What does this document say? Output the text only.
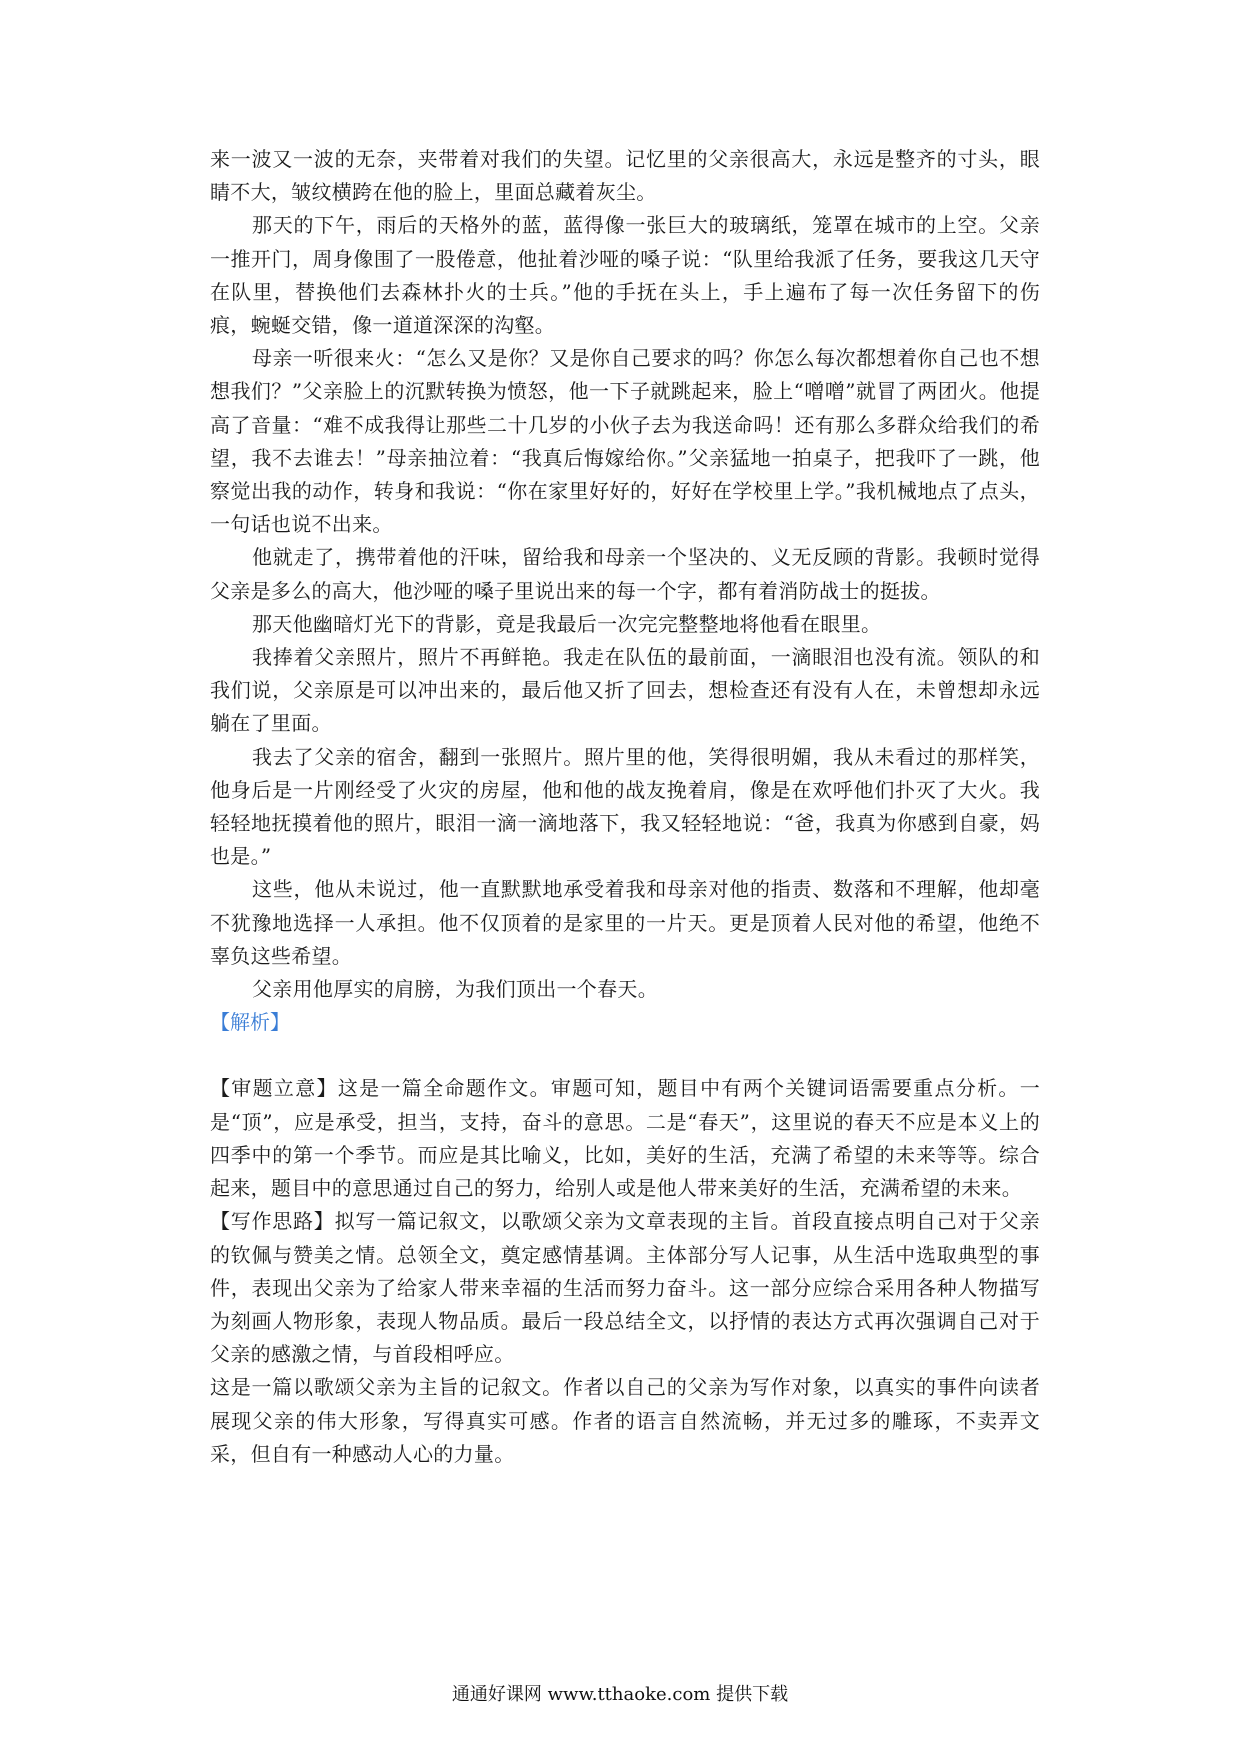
来一波又一波的无奈，夹带着对我们的失望。记忆里的父亲很高大，永远是整齐的寸头，眼睛不大，皱纹横跨在他的脸上，里面总藏着灰尘。

那天的下午，雨后的天格外的蓝，蓝得像一张巨大的玻璃纸，笼罩在城市的上空。父亲一推开门，周身像围了一股倦意，他扯着沙哑的嗓子说：“队里给我派了任务，要我这几天守在队里，替换他们去森林扑火的士兵。”他的手抚在头上，手上遍布了每一次任务留下的伤痕，蜿蜒交错，像一道道深深的沟壑。

母亲一听很来火：“怎么又是你？又是你自己要求的吗？你怎么每次都想着你自己也不想想我们？”父亲脸上的沉默转换为愤怒，他一下子就跳起来，脸上“噌噌”就冒了两团火。他提高了音量：“难不成我得让那些二十几岁的小伙子去为我送命吗！还有那么多群众给我们的希望，我不去谁去！”母亲抽泣着：“我真后悔嫁给你。”父亲猛地一拍桌子，把我吓了一跳，他察觉出我的动作，转身和我说：“你在家里好好的，好好在学校里上学。”我机械地点了点头，一句话也说不出来。

他就走了，携带着他的汗味，留给我和母亲一个坚决的、义无反顾的背影。我顿时觉得父亲是多么的高大，他沙哑的嗓子里说出来的每一个字，都有着消防战士的挺拔。

那天他幽暗灯光下的背影，竟是我最后一次完完整整地将他看在眼里。

我捧着父亲照片，照片不再鲜艳。我走在队伍的最前面，一滴眼泪也没有流。领队的和我们说，父亲原是可以冲出来的，最后他又折了回去，想检查还有没有人在，未曾想却永远躺在了里面。

我去了父亲的宿舍，翻到一张照片。照片里的他，笑得很明媚，我从未看过的那样笑，他身后是一片刚经受了火灾的房屋，他和他的战友挽着肩，像是在欢呼他们扑灭了大火。我轻轻地抚摸着他的照片，眼泪一滴一滴地落下，我又轻轻地说：“爸，我真为你感到自豪，妈也是。”

这些，他从未说过，他一直默默地承受着我和母亲对他的指责、数落和不理解，他却毫不犹豫地选择一人承担。他不仅顶着的是家里的一片天。更是顶着人民对他的希望，他绝不辜负这些希望。

父亲用他厚实的肩膀，为我们顶出一个春天。

【解析】

【审题立意】这是一篇全命题作文。审题可知，题目中有两个关键词语需要重点分析。一是“顶”，应是承受，担当，支持，奋斗的意思。二是“春天”，这里说的春天不应是本义上的四季中的第一个季节。而应是其比喻义，比如，美好的生活，充满了希望的未来等等。综合起来，题目中的意思通过自己的努力，给别人或是他人带来美好的生活，充满希望的未来。

【写作思路】拟写一篇记叙文，以歌颂父亲为文章表现的主旨。首段直接点明自己对于父亲的钦佩与赞美之情。总领全文，奠定感情基调。主体部分写人记事，从生活中选取典型的事件，表现出父亲为了给家人带来幸福的生活而努力奋斗。这一部分应综合采用各种人物描写为刻画人物形象，表现人物品质。最后一段总结全文，以抒情的表达方式再次强调自己对于父亲的感激之情，与首段相呼应。

这是一篇以歌颂父亲为主旨的记叙文。作者以自己的父亲为写作对象，以真实的事件向读者展现父亲的伟大形象，写得真实可感。作者的语言自然流畅，并无过多的雕琢，不卖弄文采，但自有一种感动人心的力量。

通通好课网 www.tthaoke.com 提供下载
